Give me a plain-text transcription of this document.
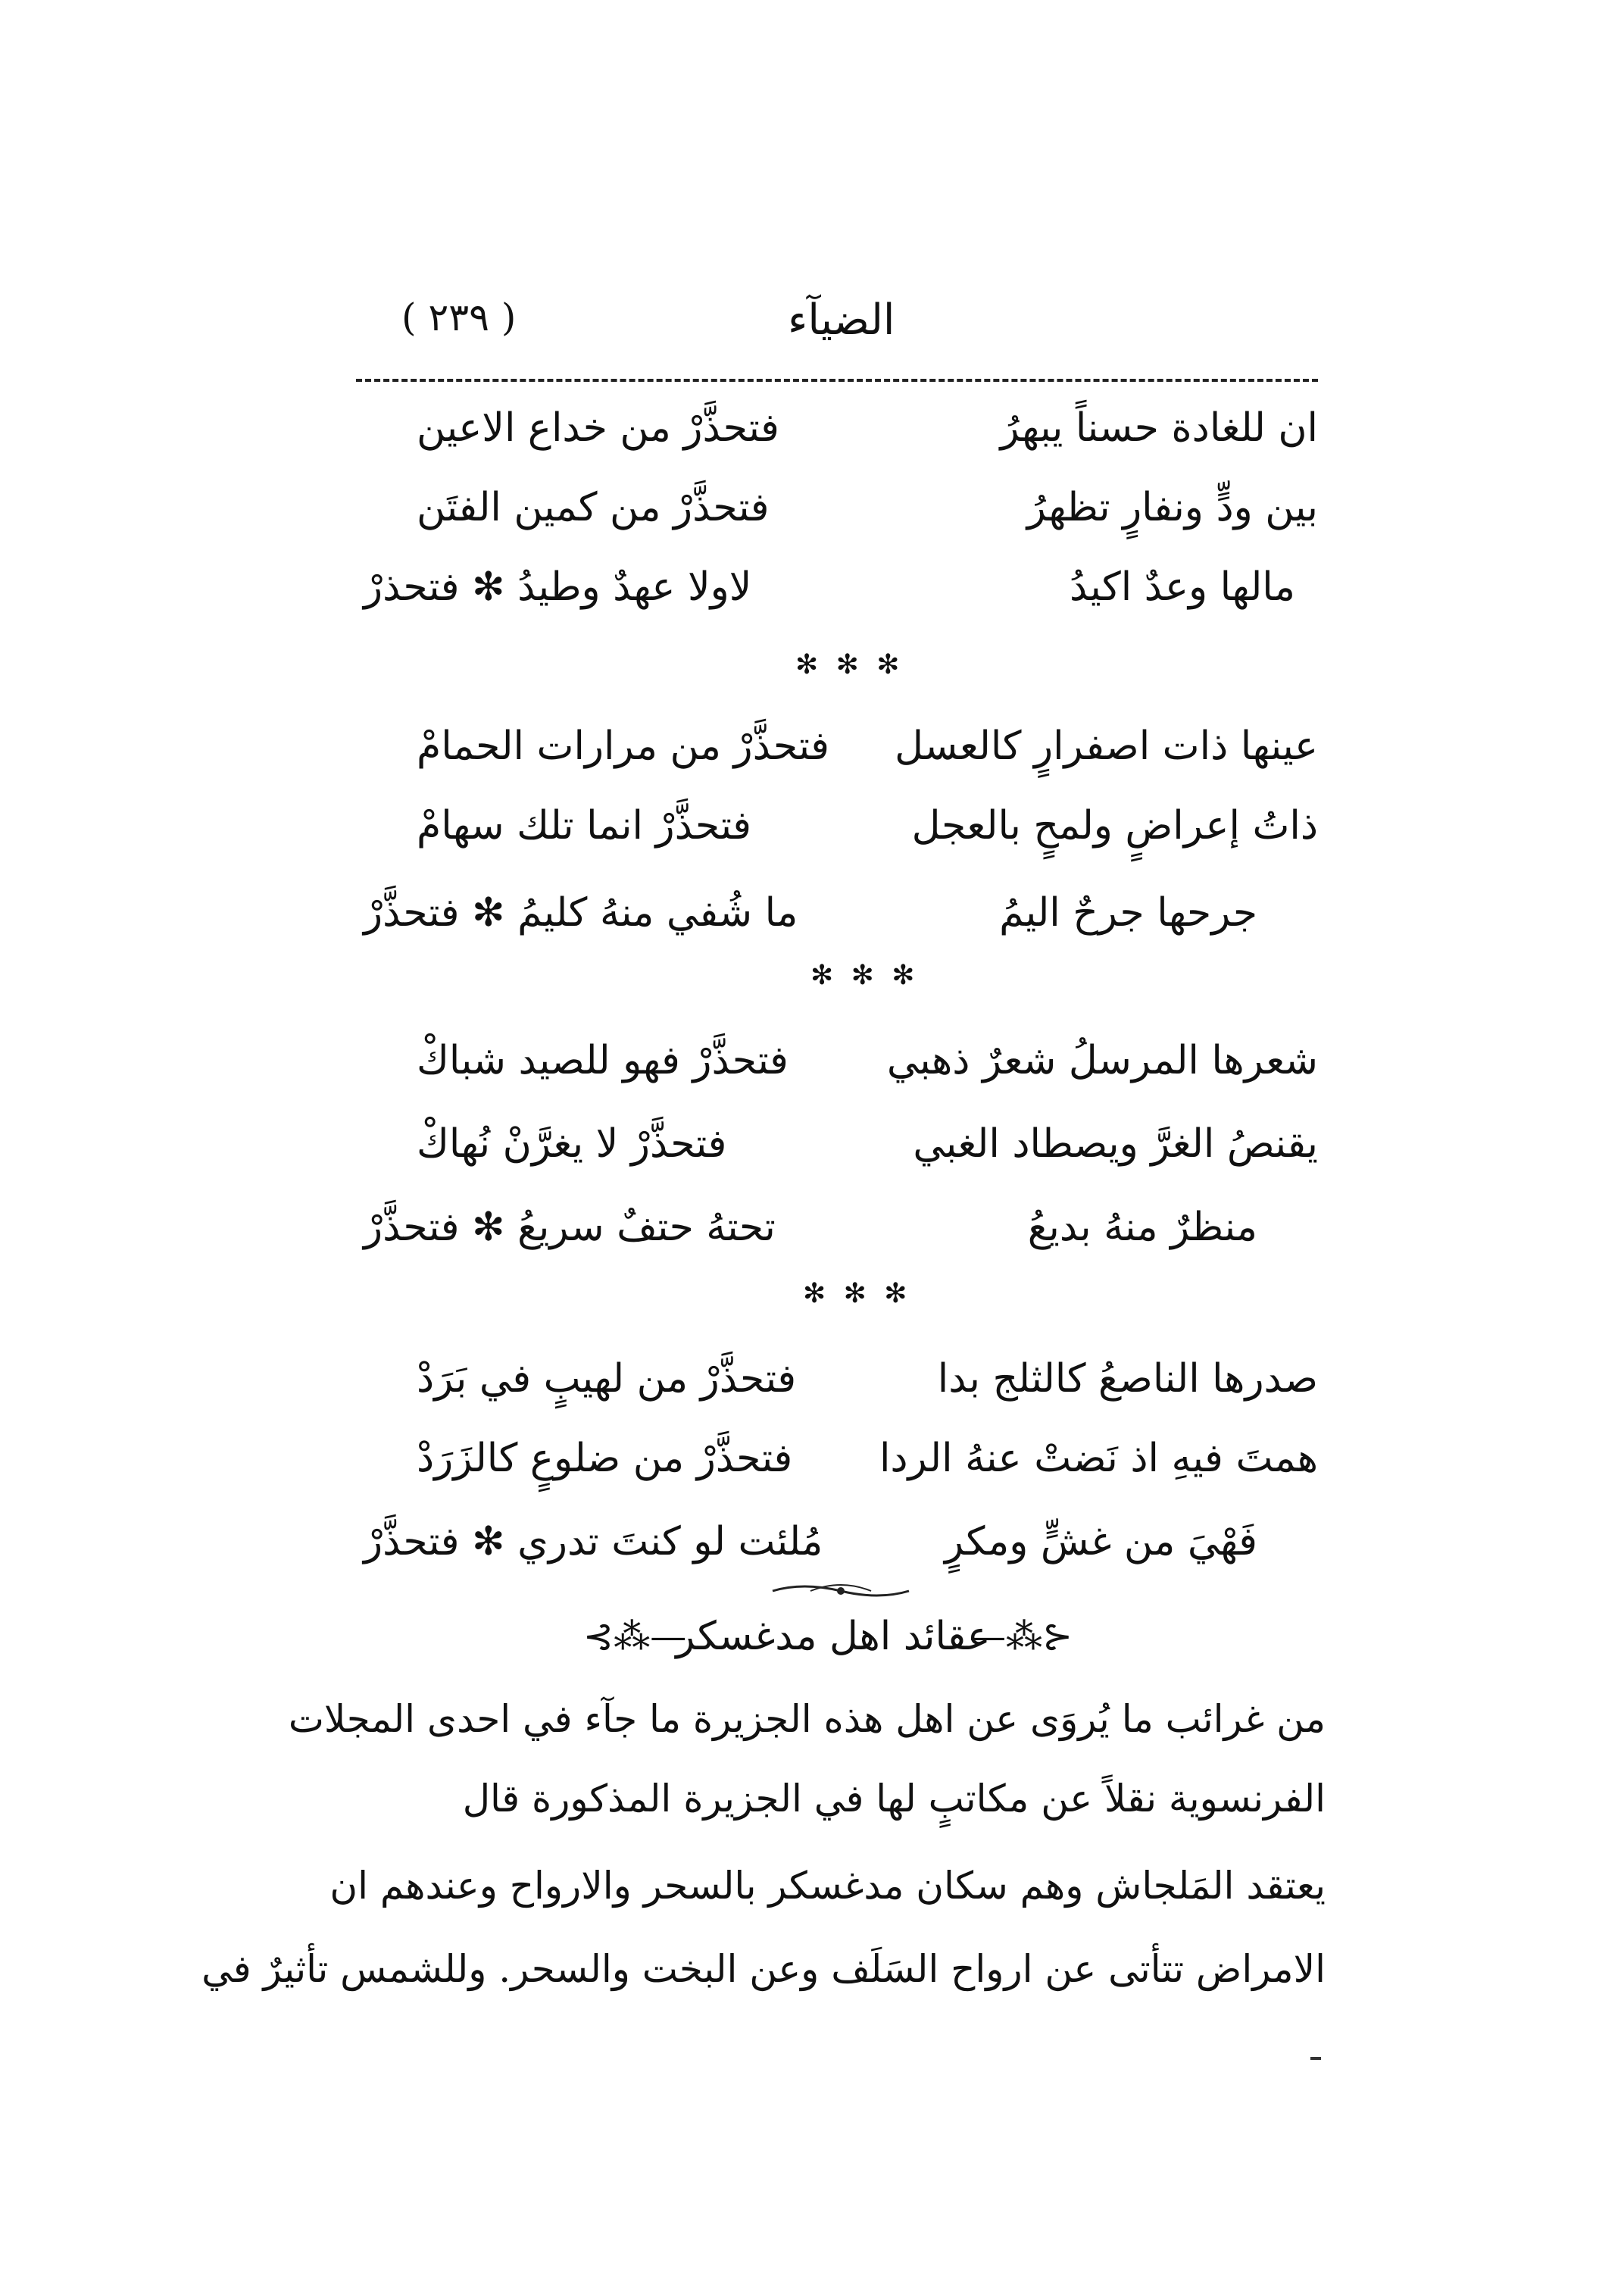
( ٢٣٩ )	الضيآء
ان للغادة حسناً يبهرُ
فتحذَّرْ من خداع الاعين
بين ودٍّ ونفارٍ تظهرُ
فتحذَّرْ من كمين الفتَن
مالها وعدٌ اكيدُ
لاولا عهدٌ وطيدُ ✻ فتحذرْ
✻ ✻ ✻
عينها ذات اصفرارٍ كالعسل
فتحذَّرْ من مرارات الحمامْ
ذاتُ إعراضٍ ولمحٍ بالعجل
فتحذَّرْ انما تلك سهامْ
جرحها جرحٌ اليمُ
ما شُفي منهُ كليمُ ✻ فتحذَّرْ
✻ ✻ ✻
شعرها المرسلُ شعرٌ ذهبي
فتحذَّرْ فهو للصيد شباكْ
يقنصُ الغرَّ ويصطاد الغبي
فتحذَّرْ لا يغرَّنْ نُهاكْ
منظرٌ منهُ بديعُ
تحتهُ حتفٌ سريعُ ✻ فتحذَّرْ
✻ ✻ ✻
صدرها الناصعُ كالثلج بدا
فتحذَّرْ من لهيبٍ في بَرَدْ
همتَ فيهِ اذ نَضتْ عنهُ الردا
فتحذَّرْ من ضلوعٍ كالزَرَدْ
فَهْيَ من غشٍّ ومكرٍ
مُلئت لو كنتَ تدري ✻ فتحذَّرْ
⊰⁂—	—⁂⊱
عقائد اهل مدغسكر
من غرائب ما يُروَى عن اهل هذه الجزيرة ما جآء في احدى المجلات
الفرنسوية نقلاً عن مكاتبٍ لها في الجزيرة المذكورة قال
يعتقد المَلجاش وهم سكان مدغسكر بالسحر والارواح وعندهم ان
الامراض تتأتى عن ارواح السَلَف وعن البخت والسحر. وللشمس تأثيرٌ في
